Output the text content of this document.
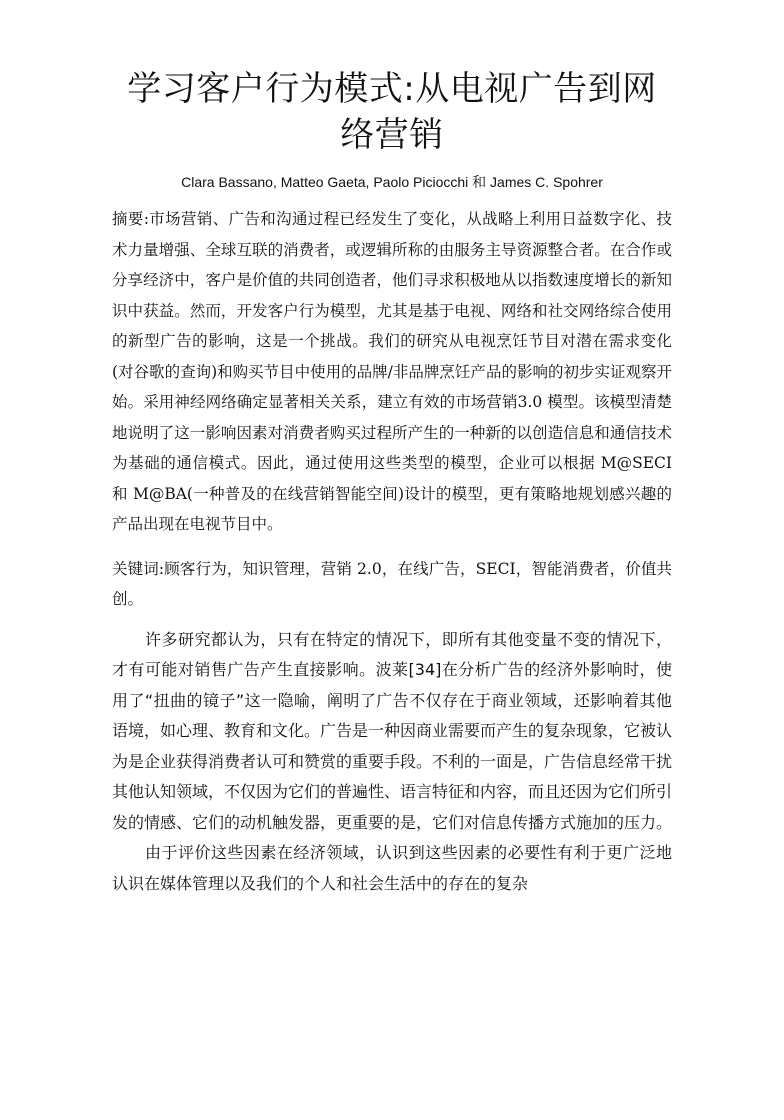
学习客户行为模式:从电视广告到网
络营销
Clara Bassano, Matteo Gaeta, Paolo Piciocchi 和 James C. Spohrer

摘要:市场营销、广告和沟通过程已经发生了变化，从战略上利用日益数字化、技术力量增强、全球互联的消费者，或逻辑所称的由服务主导资源整合者。在合作或分享经济中，客户是价值的共同创造者，他们寻求积极地从以指数速度增长的新知识中获益。然而，开发客户行为模型，尤其是基于电视、网络和社交网络综合使用的新型广告的影响，这是一个挑战。我们的研究从电视烹饪节目对潜在需求变化(对谷歌的查询)和购买节目中使用的品牌/非品牌烹饪产品的影响的初步实证观察开始。采用神经网络确定显著相关关系，建立有效的市场营销3.0 模型。该模型清楚地说明了这一影响因素对消费者购买过程所产生的一种新的以创造信息和通信技术为基础的通信模式。因此，通过使用这些类型的模型，企业可以根据 M@SECI 和 M@BA(一种普及的在线营销智能空间)设计的模型，更有策略地规划感兴趣的产品出现在电视节目中。

关键词:顾客行为，知识管理，营销 2.0，在线广告，SECI，智能消费者，价值共创。

许多研究都认为，只有在特定的情况下，即所有其他变量不变的情况下，才有可能对销售广告产生直接影响。波莱[34]在分析广告的经济外影响时，使用了“扭曲的镜子”这一隐喻，阐明了广告不仅存在于商业领域，还影响着其他语境，如心理、教育和文化。广告是一种因商业需要而产生的复杂现象，它被认为是企业获得消费者认可和赞赏的重要手段。不利的一面是，广告信息经常干扰其他认知领域，不仅因为它们的普遍性、语言特征和内容，而且还因为它们所引发的情感、它们的动机触发器，更重要的是，它们对信息传播方式施加的压力。

由于评价这些因素在经济领域，认识到这些因素的必要性有利于更广泛地认识在媒体管理以及我们的个人和社会生活中的存在的复杂
